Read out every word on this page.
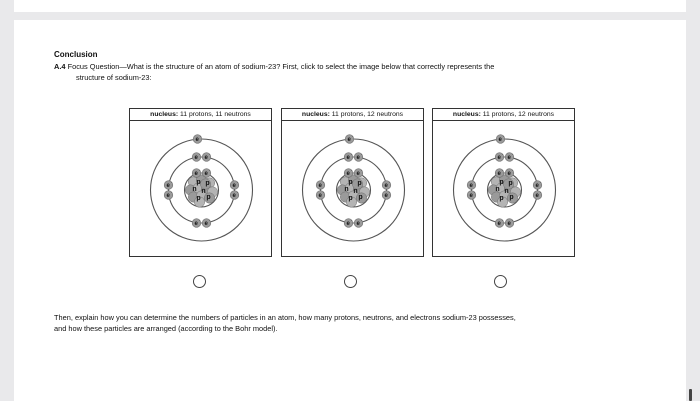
Conclusion
A.4 Focus Question—What is the structure of an atom of sodium-23? First, click to select the image below that correctly represents the
structure of sodium-23:
nucleus: 11 protons, 11 neutrons
p
n n
p p
p
e
-
e
-
e
-
e
-
e
-
e
-
e
-
e
-
e
-
e
-
e
-
nucleus: 11 protons, 12 neutrons
p
n n
p p
p
e
-
e
-
e
-
e
-
e
-
e
-
e
-
e
-
e
-
e
-
e
-
nucleus: 11 protons, 12 neutrons
p
n n
p p
p
e
-
e
-
e
-
e
-
e
-
e
-
e
-
e
-
e
-
e
-
e
-
Then, explain how you can determine the numbers of particles in an atom, how many protons, neutrons, and electrons sodium-23 possesses,
and how these particles are arranged (according to the Bohr model).
